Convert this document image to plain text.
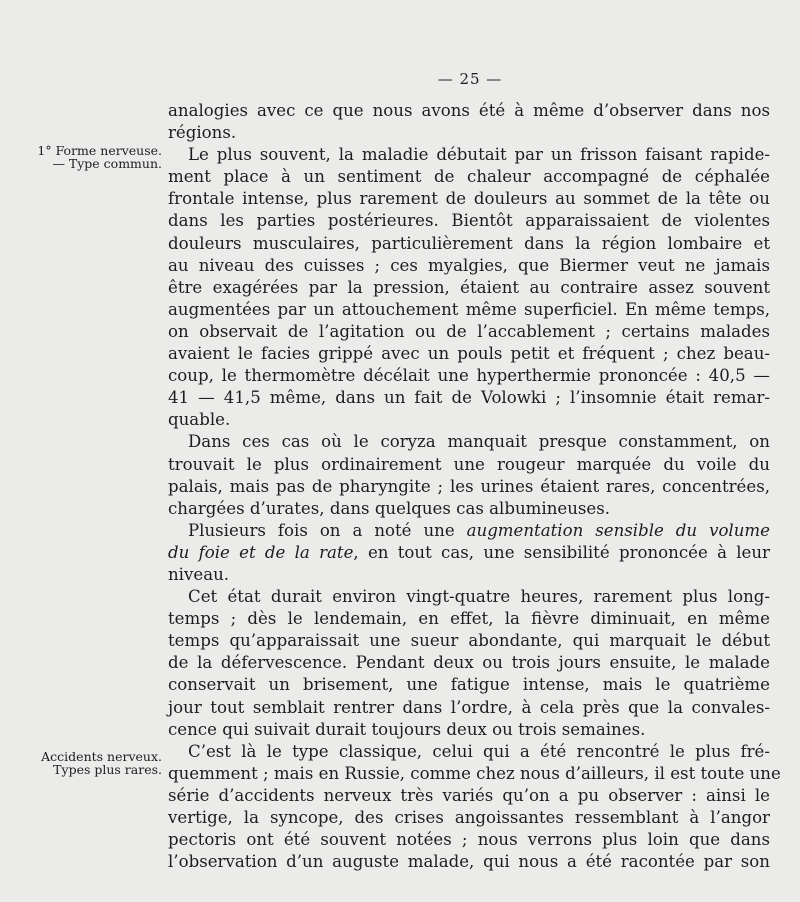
— 25 —
1° Forme nerveuse.
— Type commun.
Accidents nerveux.
Types plus rares.
analogies avec ce que nous avons été à même d’observer dans nos
régions.
Le plus souvent, la maladie débutait par un frisson faisant rapide-
ment place à un sentiment de chaleur accompagné de céphalée
frontale intense, plus rarement de douleurs au sommet de la tête ou
dans les parties postérieures. Bientôt apparaissaient de violentes
douleurs musculaires, particulièrement dans la région lombaire et
au niveau des cuisses ; ces myalgies, que Biermer veut ne jamais
être exagérées par la pression, étaient au contraire assez souvent
augmentées par un attouchement même superficiel. En même temps,
on observait de l’agitation ou de l’accablement ; certains malades
avaient le facies grippé avec un pouls petit et fréquent ; chez beau-
coup, le thermomètre décélait une hyperthermie prononcée : 40,5 —
41 — 41,5 même, dans un fait de Volowki ; l’insomnie était remar-
quable.
Dans ces cas où le coryza manquait presque constamment, on
trouvait le plus ordinairement une rougeur marquée du voile du
palais, mais pas de pharyngite ; les urines étaient rares, concentrées,
chargées d’urates, dans quelques cas albumineuses.
Plusieurs fois on a noté une augmentation sensible du volume
du foie et de la rate, en tout cas, une sensibilité prononcée à leur
niveau.
Cet état durait environ vingt-quatre heures, rarement plus long-
temps ; dès le lendemain, en effet, la fièvre diminuait, en même
temps qu’apparaissait une sueur abondante, qui marquait le début
de la défervescence. Pendant deux ou trois jours ensuite, le malade
conservait un brisement, une fatigue intense, mais le quatrième
jour tout semblait rentrer dans l’ordre, à cela près que la convales-
cence qui suivait durait toujours deux ou trois semaines.
C’est là le type classique, celui qui a été rencontré le plus fré-
quemment ; mais en Russie, comme chez nous d’ailleurs, il est toute une
série d’accidents nerveux très variés qu’on a pu observer : ainsi le
vertige, la syncope, des crises angoissantes ressemblant à l’angor
pectoris ont été souvent notées ; nous verrons plus loin que dans
l’observation d’un auguste malade, qui nous a été racontée par son
